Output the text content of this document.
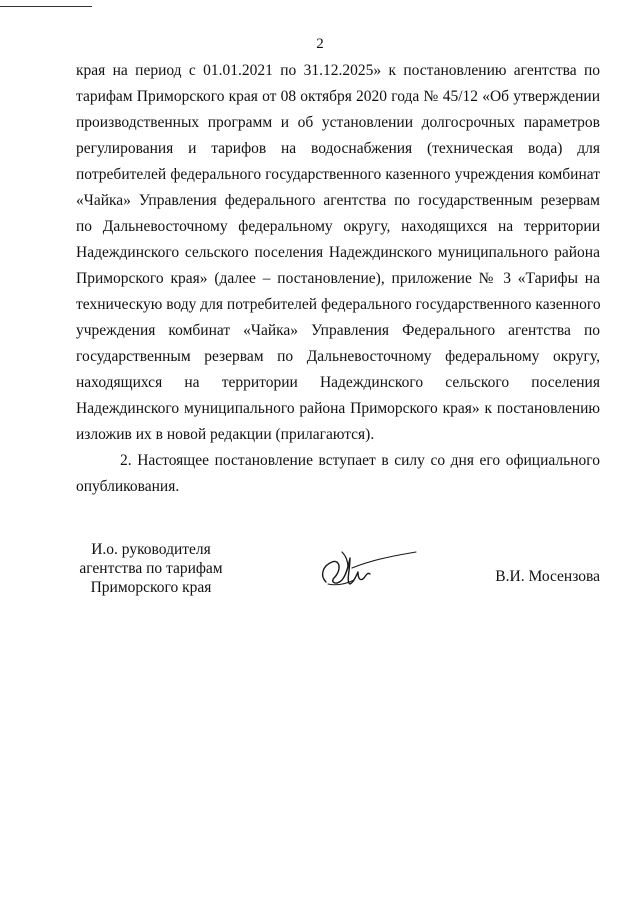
2
края на период с 01.01.2021 по 31.12.2025» к постановлению агентства по
тарифам Приморского края от 08 октября 2020 года № 45/12 «Об утверждении
производственных программ и об установлении долгосрочных параметров
регулирования и тарифов на водоснабжения (техническая вода) для
потребителей федерального государственного казенного учреждения комбинат
«Чайка» Управления федерального агентства по государственным резервам
по Дальневосточному федеральному округу, находящихся на территории
Надеждинского сельского поселения Надеждинского муниципального района
Приморского края» (далее – постановление), приложение № 3 «Тарифы на
техническую воду для потребителей федерального государственного казенного
учреждения комбинат «Чайка» Управления Федерального агентства по
государственным резервам по Дальневосточному федеральному округу,
находящихся на территории Надеждинского сельского поселения
Надеждинского муниципального района Приморского края» к постановлению
изложив их в новой редакции (прилагаются).
2. Настоящее постановление вступает в силу со дня его официального
опубликования.
И.о. руководителя
агентства по тарифам
Приморского края
В.И. Мосензова
